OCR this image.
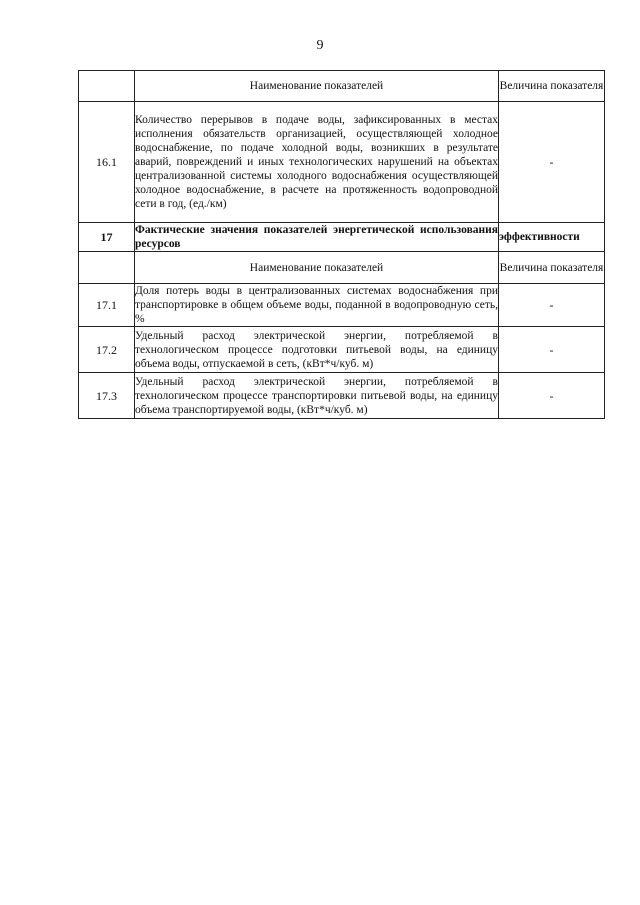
9
	Наименование показателей	Величина показателя
16.1	Количество перерывов в подаче воды, зафиксированных в местах исполнения обязательств организацией, осуществляющей холодное водоснабжение, по подаче холодной воды, возникших в результате аварий, повреждений и иных технологических нарушений на объектах централизованной системы холодного водоснабжения осуществляющей холодное водоснабжение, в расчете на протяженность водопроводной сети в год, (ед./км)	-
17	Фактические значения показателей энергетической использования ресурсов	эффективности
	Наименование показателей	Величина показателя
17.1	Доля потерь воды в централизованных системах водоснабжения при транспортировке в общем объеме воды, поданной в водопроводную сеть, %	-
17.2	Удельный расход электрической энергии, потребляемой в технологическом процессе подготовки питьевой воды, на единицу объема воды, отпускаемой в сеть, (кВт*ч/куб. м)	-
17.3	Удельный расход электрической энергии, потребляемой в технологическом процессе транспортировки питьевой воды, на единицу объема транспортируемой воды, (кВт*ч/куб. м)	-
